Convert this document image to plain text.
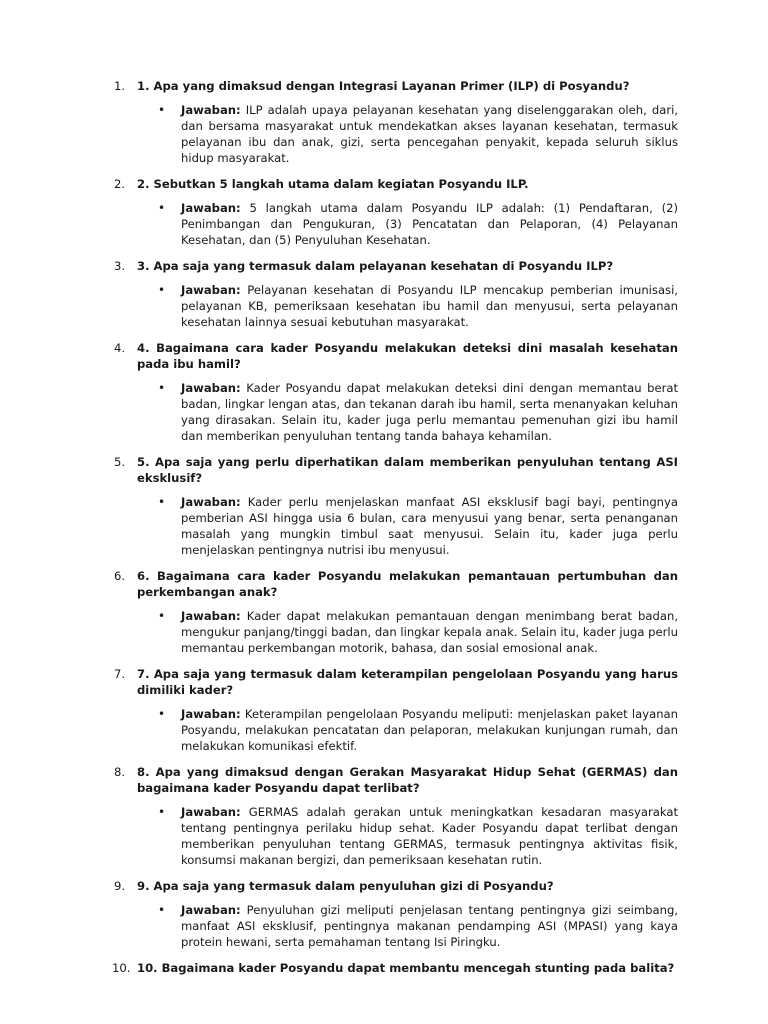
1.	1. Apa yang dimaksud dengan Integrasi Layanan Primer (ILP) di Posyandu?
• Jawaban: ILP adalah upaya pelayanan kesehatan yang diselenggarakan oleh, dari, dan bersama masyarakat untuk mendekatkan akses layanan kesehatan, termasuk pelayanan ibu dan anak, gizi, serta pencegahan penyakit, kepada seluruh siklus hidup masyarakat.
2.	2. Sebutkan 5 langkah utama dalam kegiatan Posyandu ILP.
• Jawaban: 5 langkah utama dalam Posyandu ILP adalah: (1) Pendaftaran, (2) Penimbangan dan Pengukuran, (3) Pencatatan dan Pelaporan, (4) Pelayanan Kesehatan, dan (5) Penyuluhan Kesehatan.
3.	3. Apa saja yang termasuk dalam pelayanan kesehatan di Posyandu ILP?
• Jawaban: Pelayanan kesehatan di Posyandu ILP mencakup pemberian imunisasi, pelayanan KB, pemeriksaan kesehatan ibu hamil dan menyusui, serta pelayanan kesehatan lainnya sesuai kebutuhan masyarakat.
4.	4. Bagaimana cara kader Posyandu melakukan deteksi dini masalah kesehatan pada ibu hamil?
• Jawaban: Kader Posyandu dapat melakukan deteksi dini dengan memantau berat badan, lingkar lengan atas, dan tekanan darah ibu hamil, serta menanyakan keluhan yang dirasakan. Selain itu, kader juga perlu memantau pemenuhan gizi ibu hamil dan memberikan penyuluhan tentang tanda bahaya kehamilan.
5.	5. Apa saja yang perlu diperhatikan dalam memberikan penyuluhan tentang ASI eksklusif?
• Jawaban: Kader perlu menjelaskan manfaat ASI eksklusif bagi bayi, pentingnya pemberian ASI hingga usia 6 bulan, cara menyusui yang benar, serta penanganan masalah yang mungkin timbul saat menyusui. Selain itu, kader juga perlu menjelaskan pentingnya nutrisi ibu menyusui.
6.	6. Bagaimana cara kader Posyandu melakukan pemantauan pertumbuhan dan perkembangan anak?
• Jawaban: Kader dapat melakukan pemantauan dengan menimbang berat badan, mengukur panjang/tinggi badan, dan lingkar kepala anak. Selain itu, kader juga perlu memantau perkembangan motorik, bahasa, dan sosial emosional anak.
7.	7. Apa saja yang termasuk dalam keterampilan pengelolaan Posyandu yang harus dimiliki kader?
• Jawaban: Keterampilan pengelolaan Posyandu meliputi: menjelaskan paket layanan Posyandu, melakukan pencatatan dan pelaporan, melakukan kunjungan rumah, dan melakukan komunikasi efektif.
8.	8. Apa yang dimaksud dengan Gerakan Masyarakat Hidup Sehat (GERMAS) dan bagaimana kader Posyandu dapat terlibat?
• Jawaban: GERMAS adalah gerakan untuk meningkatkan kesadaran masyarakat tentang pentingnya perilaku hidup sehat. Kader Posyandu dapat terlibat dengan memberikan penyuluhan tentang GERMAS, termasuk pentingnya aktivitas fisik, konsumsi makanan bergizi, dan pemeriksaan kesehatan rutin.
9.	9. Apa saja yang termasuk dalam penyuluhan gizi di Posyandu?
• Jawaban: Penyuluhan gizi meliputi penjelasan tentang pentingnya gizi seimbang, manfaat ASI eksklusif, pentingnya makanan pendamping ASI (MPASI) yang kaya protein hewani, serta pemahaman tentang Isi Piringku.
10. 10. Bagaimana kader Posyandu dapat membantu mencegah stunting pada balita?
